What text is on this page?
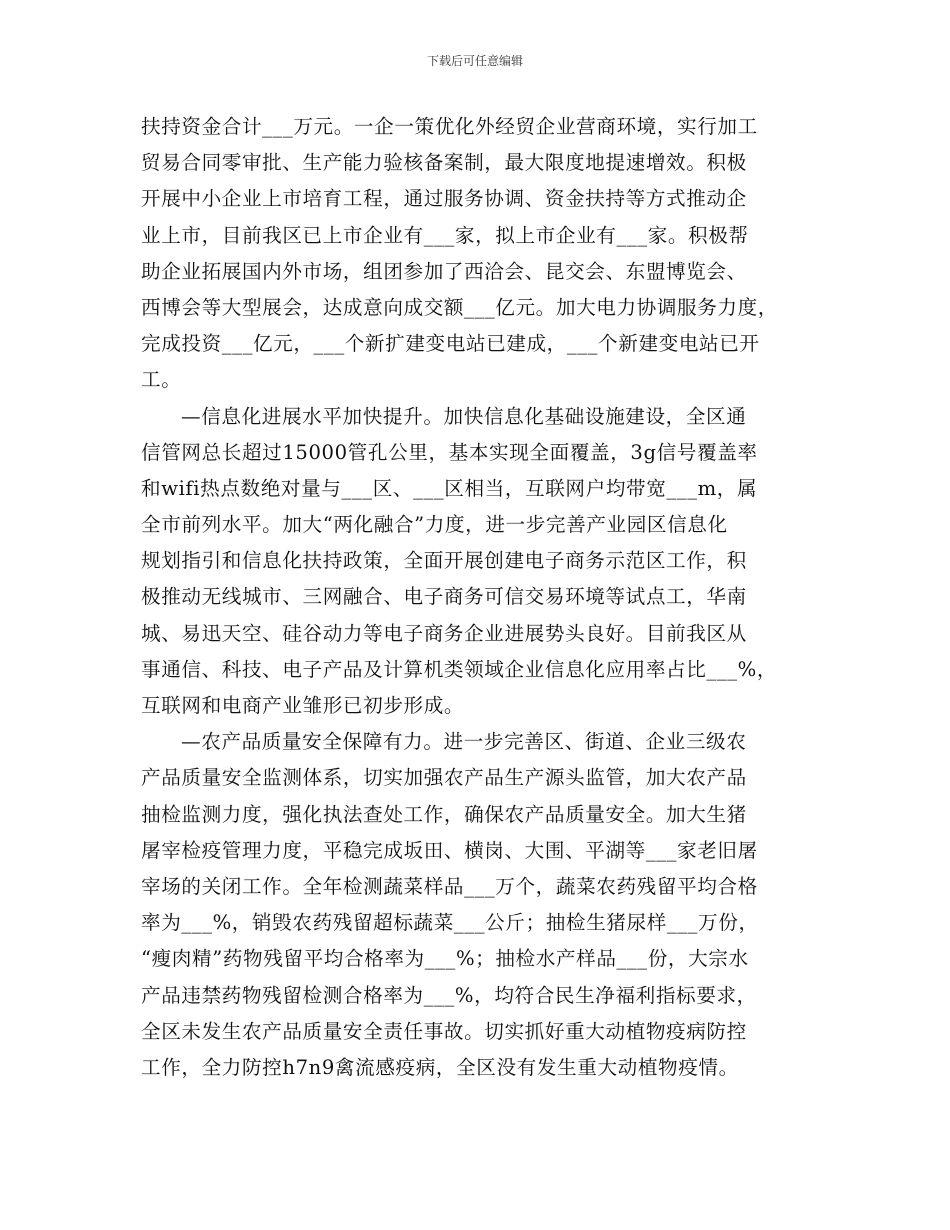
下载后可任意编辑
扶持资金合计___万元。一企一策优化外经贸企业营商环境，实行加工
贸易合同零审批、生产能力验核备案制，最大限度地提速增效。积极
开展中小企业上市培育工程，通过服务协调、资金扶持等方式推动企
业上市，目前我区已上市企业有___家，拟上市企业有___家。积极帮
助企业拓展国内外市场，组团参加了西洽会、昆交会、东盟博览会、
西博会等大型展会，达成意向成交额___亿元。加大电力协调服务力度，
完成投资___亿元，___个新扩建变电站已建成，___个新建变电站已开
工。
—信息化进展水平加快提升。加快信息化基础设施建设，全区通
信管网总长超过15000管孔公里，基本实现全面覆盖，3g信号覆盖率
和wifi热点数绝对量与___区、___区相当，互联网户均带宽___m，属
全市前列水平。加大“两化融合”力度，进一步完善产业园区信息化
规划指引和信息化扶持政策，全面开展创建电子商务示范区工作，积
极推动无线城市、三网融合、电子商务可信交易环境等试点工，华南
城、易迅天空、硅谷动力等电子商务企业进展势头良好。目前我区从
事通信、科技、电子产品及计算机类领域企业信息化应用率占比___%，
互联网和电商产业雏形已初步形成。
—农产品质量安全保障有力。进一步完善区、街道、企业三级农
产品质量安全监测体系，切实加强农产品生产源头监管，加大农产品
抽检监测力度，强化执法查处工作，确保农产品质量安全。加大生猪
屠宰检疫管理力度，平稳完成坂田、横岗、大围、平湖等___家老旧屠
宰场的关闭工作。全年检测蔬菜样品___万个，蔬菜农药残留平均合格
率为___%，销毁农药残留超标蔬菜___公斤；抽检生猪尿样___万份，
“瘦肉精”药物残留平均合格率为___%；抽检水产样品___份，大宗水
产品违禁药物残留检测合格率为___%，均符合民生净福利指标要求，
全区未发生农产品质量安全责任事故。切实抓好重大动植物疫病防控
工作，全力防控h7n9禽流感疫病，全区没有发生重大动植物疫情。
